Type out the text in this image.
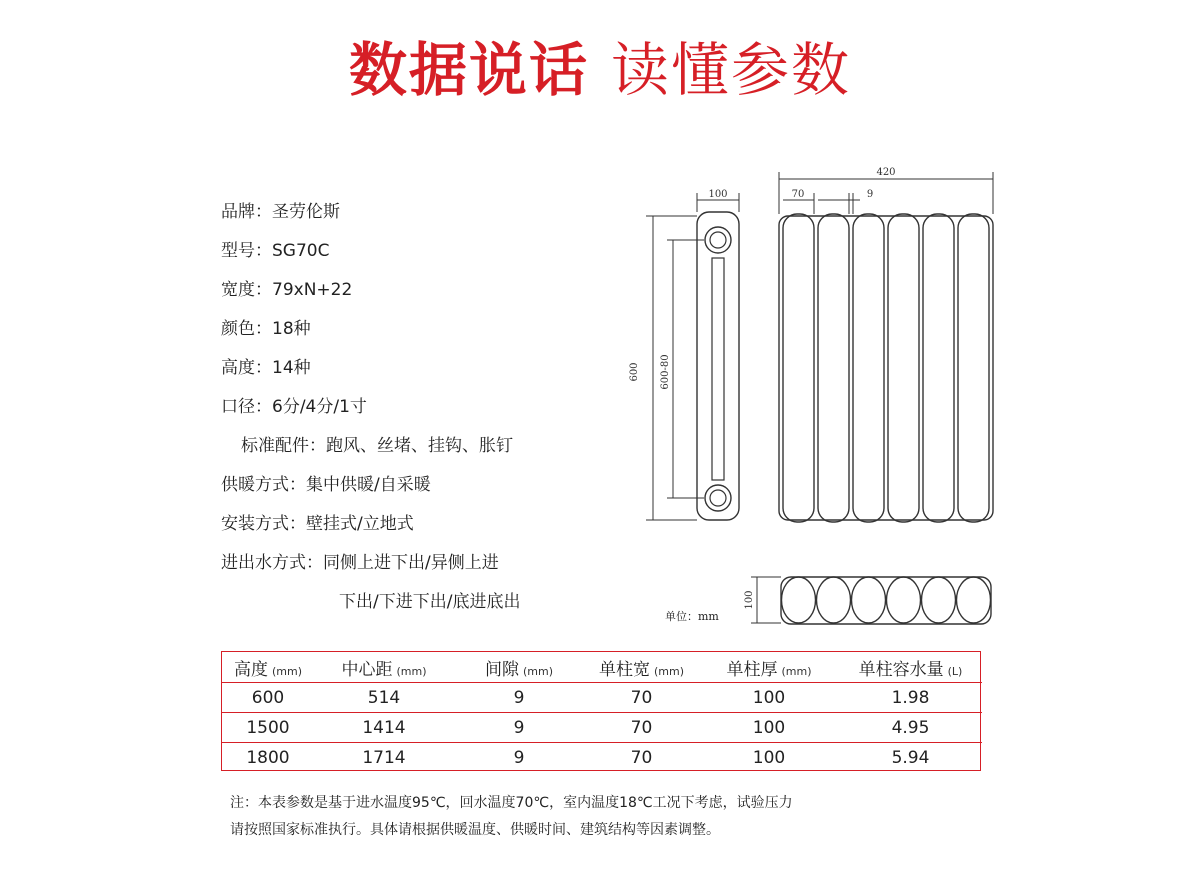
数据说话 读懂参数
品牌：圣劳伦斯
型号：SG70C
宽度：79xN+22
颜色：18种
高度：14种
口径：6分/4分/1寸
标准配件：跑风、丝堵、挂钩、胀钉
供暖方式：集中供暖/自采暖
安装方式：壁挂式/立地式
进出水方式：同侧上进下出/异侧上进
下出/下进下出/底进底出
100
600 600-80
420
70	9
100
单位：mm
高度 (mm)	中心距 (mm)	间隙 (mm)	单柱宽 (mm)	单柱厚 (mm)	单柱容水量 (L)
600	514	9	70	100	1.98
1500	1414	9	70	100	4.95
1800	1714	9	70	100	5.94
注：本表参数是基于进水温度95℃，回水温度70℃，室内温度18℃工况下考虑，试验压力
请按照国家标准执行。具体请根据供暖温度、供暖时间、建筑结构等因素调整。
